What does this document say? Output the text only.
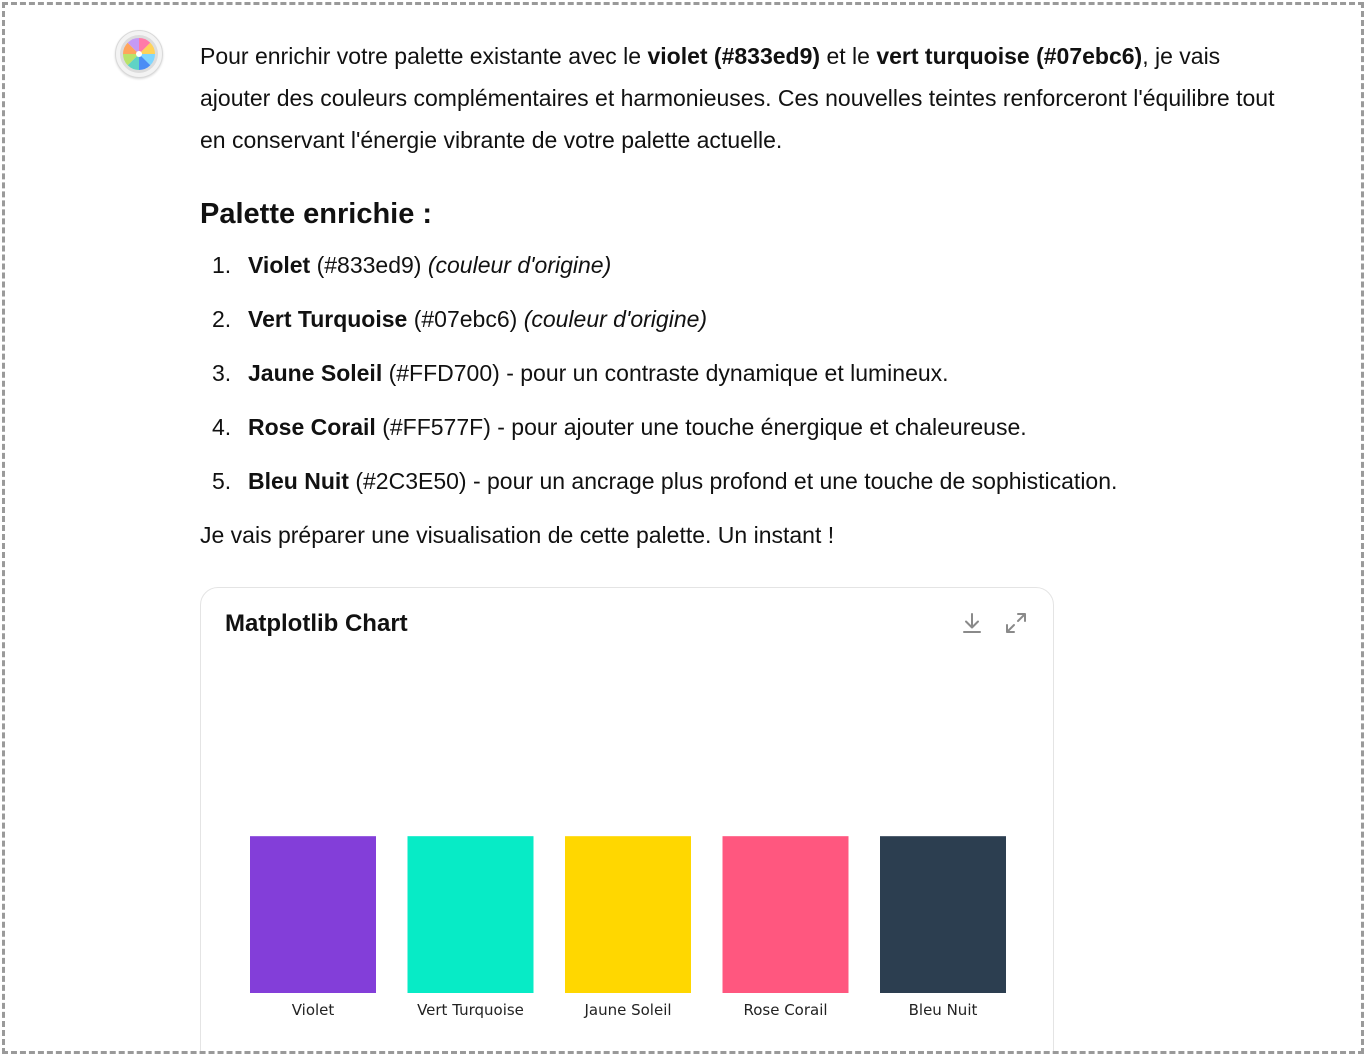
Pour enrichir votre palette existante avec le violet (#833ed9) et le vert turquoise (#07ebc6), je vais ajouter des couleurs complémentaires et harmonieuses. Ces nouvelles teintes renforceront l'équilibre tout en conservant l'énergie vibrante de votre palette actuelle.

Palette enrichie :
1. Violet (#833ed9) (couleur d'origine)
2. Vert Turquoise (#07ebc6) (couleur d'origine)
3. Jaune Soleil (#FFD700) - pour un contraste dynamique et lumineux.
4. Rose Corail (#FF577F) - pour ajouter une touche énergique et chaleureuse.
5. Bleu Nuit (#2C3E50) - pour un ancrage plus profond et une touche de sophistication.

Je vais préparer une visualisation de cette palette. Un instant !

Violet	Vert Turquoise	Jaune Soleil	Rose Corail	Bleu Nuit
Matplotlib Chart
